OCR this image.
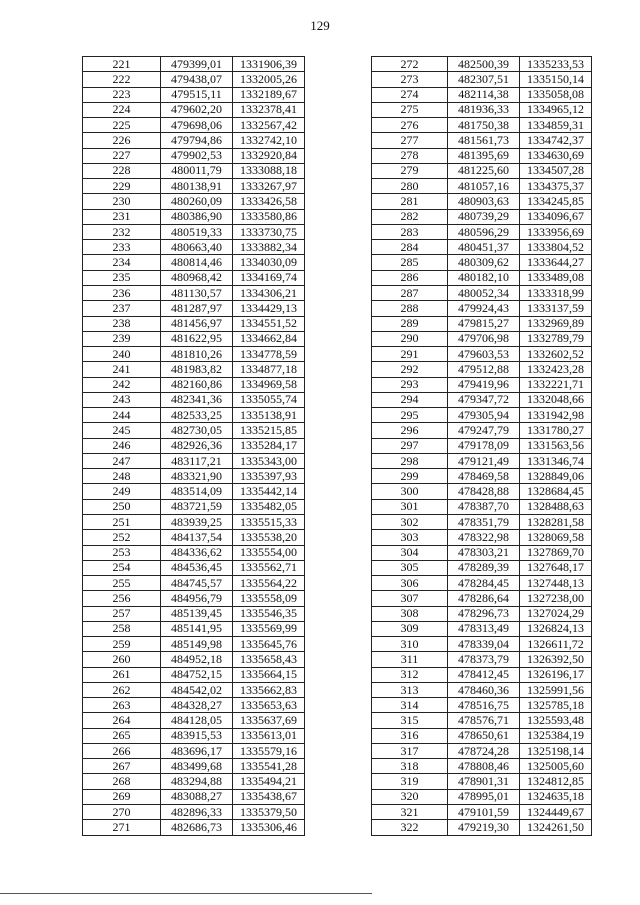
129
221	479399,01	1331906,39
222	479438,07	1332005,26
223	479515,11	1332189,67
224	479602,20	1332378,41
225	479698,06	1332567,42
226	479794,86	1332742,10
227	479902,53	1332920,84
228	480011,79	1333088,18
229	480138,91	1333267,97
230	480260,09	1333426,58
231	480386,90	1333580,86
232	480519,33	1333730,75
233	480663,40	1333882,34
234	480814,46	1334030,09
235	480968,42	1334169,74
236	481130,57	1334306,21
237	481287,97	1334429,13
238	481456,97	1334551,52
239	481622,95	1334662,84
240	481810,26	1334778,59
241	481983,82	1334877,18
242	482160,86	1334969,58
243	482341,36	1335055,74
244	482533,25	1335138,91
245	482730,05	1335215,85
246	482926,36	1335284,17
247	483117,21	1335343,00
248	483321,90	1335397,93
249	483514,09	1335442,14
250	483721,59	1335482,05
251	483939,25	1335515,33
252	484137,54	1335538,20
253	484336,62	1335554,00
254	484536,45	1335562,71
255	484745,57	1335564,22
256	484956,79	1335558,09
257	485139,45	1335546,35
258	485141,95	1335569,99
259	485149,98	1335645,76
260	484952,18	1335658,43
261	484752,15	1335664,15
262	484542,02	1335662,83
263	484328,27	1335653,63
264	484128,05	1335637,69
265	483915,53	1335613,01
266	483696,17	1335579,16
267	483499,68	1335541,28
268	483294,88	1335494,21
269	483088,27	1335438,67
270	482896,33	1335379,50
271	482686,73	1335306,46
272	482500,39	1335233,53
273	482307,51	1335150,14
274	482114,38	1335058,08
275	481936,33	1334965,12
276	481750,38	1334859,31
277	481561,73	1334742,37
278	481395,69	1334630,69
279	481225,60	1334507,28
280	481057,16	1334375,37
281	480903,63	1334245,85
282	480739,29	1334096,67
283	480596,29	1333956,69
284	480451,37	1333804,52
285	480309,62	1333644,27
286	480182,10	1333489,08
287	480052,34	1333318,99
288	479924,43	1333137,59
289	479815,27	1332969,89
290	479706,98	1332789,79
291	479603,53	1332602,52
292	479512,88	1332423,28
293	479419,96	1332221,71
294	479347,72	1332048,66
295	479305,94	1331942,98
296	479247,79	1331780,27
297	479178,09	1331563,56
298	479121,49	1331346,74
299	478469,58	1328849,06
300	478428,88	1328684,45
301	478387,70	1328488,63
302	478351,79	1328281,58
303	478322,98	1328069,58
304	478303,21	1327869,70
305	478289,39	1327648,17
306	478284,45	1327448,13
307	478286,64	1327238,00
308	478296,73	1327024,29
309	478313,49	1326824,13
310	478339,04	1326611,72
311	478373,79	1326392,50
312	478412,45	1326196,17
313	478460,36	1325991,56
314	478516,75	1325785,18
315	478576,71	1325593,48
316	478650,61	1325384,19
317	478724,28	1325198,14
318	478808,46	1325005,60
319	478901,31	1324812,85
320	478995,01	1324635,18
321	479101,59	1324449,67
322	479219,30	1324261,50
